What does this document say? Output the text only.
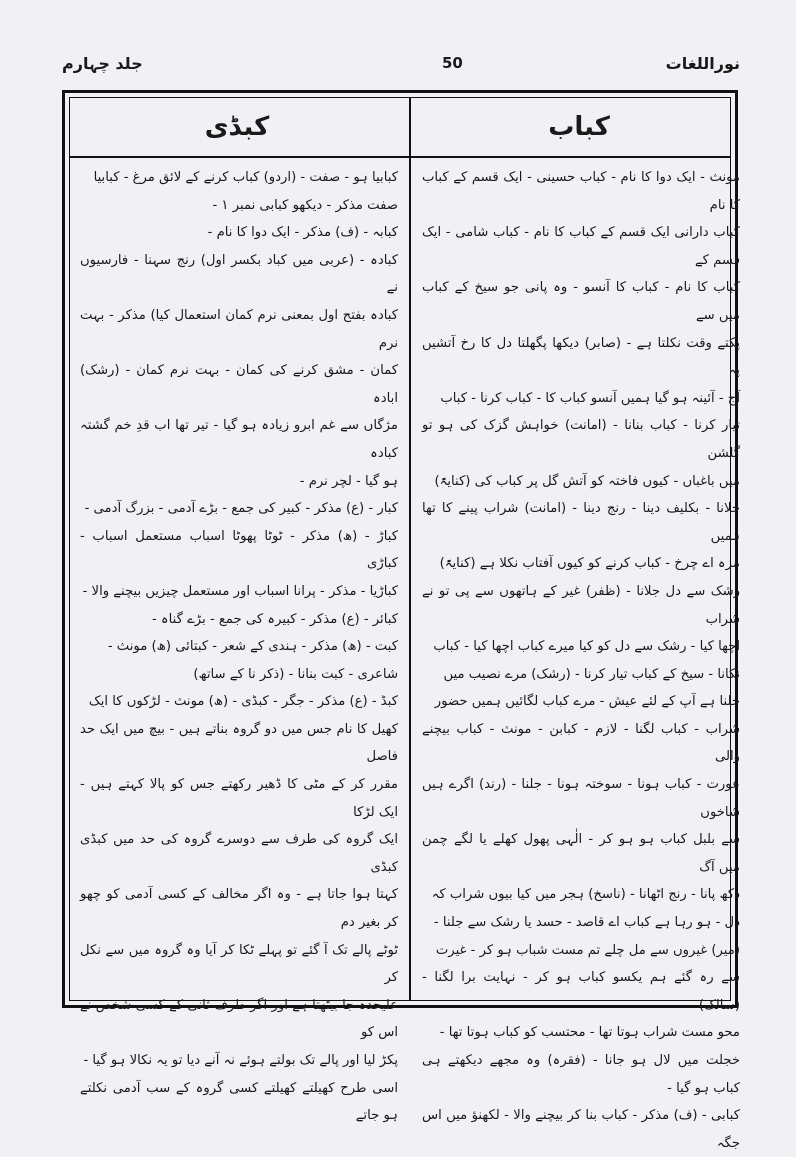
جلد چہارم	50	نوراللغات
کبڈی	کباب

کبابیا ہو - صفت - (اردو) کباب کرنے کے لائق مرغ - کبابیا

صفت مذکر - دیکھو کبابی نمبر ۱ -

کبابہ - (ف) مذکر - ایک دوا کا نام -

کبادہ - (عربی میں کباد بکسر اول) رنج سہنا - فارسیوں نے

کبادہ بفتح اول بمعنی نرم کمان استعمال کیا) مذکر - بہت نرم

کمان - مشق کرنے کی کمان - بہت نرم کمان - (رشک) ابادہ

مژگاں سے غم ابرو زیادہ ہو گیا - تیر تھا اب قدِ خم گشتہ کبادہ

ہو گیا - لچر نرم -

کبار - (ع) مذکر - کبیر کی جمع - بڑے آدمی - بزرگ آدمی -

کباڑ - (ھ) مذکر - ٹوٹا پھوٹا اسباب مستعمل اسباب - کباڑی

کباڑیا - مذکر - پرانا اسباب اور مستعمل چیزیں بیچنے والا -

کبائر - (ع) مذکر - کبیرہ کی جمع - بڑے گناہ -

کبت - (ھ) مذکر - ہندی کے شعر - کبتائی (ھ) مونث -

شاعری - کبت بنانا - (ذکر نا کے ساتھ)

کبڈ - (ع) مذکر - جگر - کبڈی - (ھ) مونث - لڑکوں کا ایک

کھیل کا نام جس میں دو گروہ بناتے ہیں - بیچ میں ایک حد فاصل

مقرر کر کے مٹی کا ڈھیر رکھتے جس کو پالا کہتے ہیں - ایک لڑکا

ایک گروہ کی طرف سے دوسرے گروہ کی حد میں کبڈی کبڈی

کہتا ہوا جاتا ہے - وہ اگر مخالف کے کسی آدمی کو چھو کر بغیر دم

ٹوٹے پالے تک آ گئے تو پہلے ٹکا کر آیا وہ گروہ میں سے نکل کر

علیحدہ جا بیٹھتا ہے اور اگر طرف ثانی کے کسی شخص نے اس کو

پکڑ لیا اور پالے تک بولتے ہوئے نہ آنے دیا تو یہ نکالا ہو گیا -

اسی طرح کھیلتے کھیلتے کسی گروہ کے سب آدمی نکلتے ہو جاتے

مونث - ایک دوا کا نام - کباب حسینی - ایک قسم کے کباب کا نام

کباب دارانی ایک قسم کے کباب کا نام - کباب شامی - ایک قسم کے

کباب کا نام - کباب کا آنسو - وہ پانی جو سیخ کے کباب میں سے

پکتے وقت نکلتا ہے - (صابر) دیکھا پگھلتا دل کا رخ آتشیں پہ

آج - آئینہ ہو گیا ہمیں آنسو کباب کا - کباب کرنا - کباب

تیار کرنا - کباب بنانا - (امانت) خواہش گزک کی ہو تو گلشن

میں باغباں - کیوں فاختہ کو آتش گل پر کباب کی (کنایۃً)

جلانا - بکلیف دینا - رنج دینا - (امانت) شراب پینے کا تھا ہمیں

مزہ اے چرخ - کباب کرنے کو کیوں آفتاب نکلا ہے (کنایۃً)

رشک سے دل جلانا - (ظفر) غیر کے ہاتھوں سے پی تو نے شراب

اچھا کیا - رشک سے دل کو کیا میرے کباب اچھا کیا - کباب

نکانا - سیخ کے کباب تیار کرنا - (رشک) مرے نصیب میں

جلنا ہے آپ کے لئے عیش - مرے کباب لگائیں ہمیں حضور

شراب - کباب لگنا - لازم - کبابن - مونث - کباب بیچنے والی

عورت - کباب ہونا - سوختہ ہونا - جلنا - (رند) اگرے ہیں شاخوں

سے بلبل کباب ہو ہو کر - الٰہی پھول کھلے یا لگے چمن میں آگ

دکھ پانا - رنج اٹھانا - (ناسخ) ہجر میں کیا بیوں شراب کہ

دل - ہو رہا ہے کباب اے قاصد - حسد یا رشک سے جلنا -

(میر) غیروں سے مل چلے تم مست شباب ہو کر - غیرت

سے رہ گئے ہم یکسو کباب ہو کر - نہایت برا لگنا - (سالک)

محو مست شراب ہوتا تھا - محتسب کو کباب ہوتا تھا -

خجلت میں لال ہو جانا - (فقرہ) وہ مجھے دیکھتے ہی کباب ہو گیا -

کبابی - (ف) مذکر - کباب بنا کر بیچنے والا - لکھنؤ میں اس جگہ
